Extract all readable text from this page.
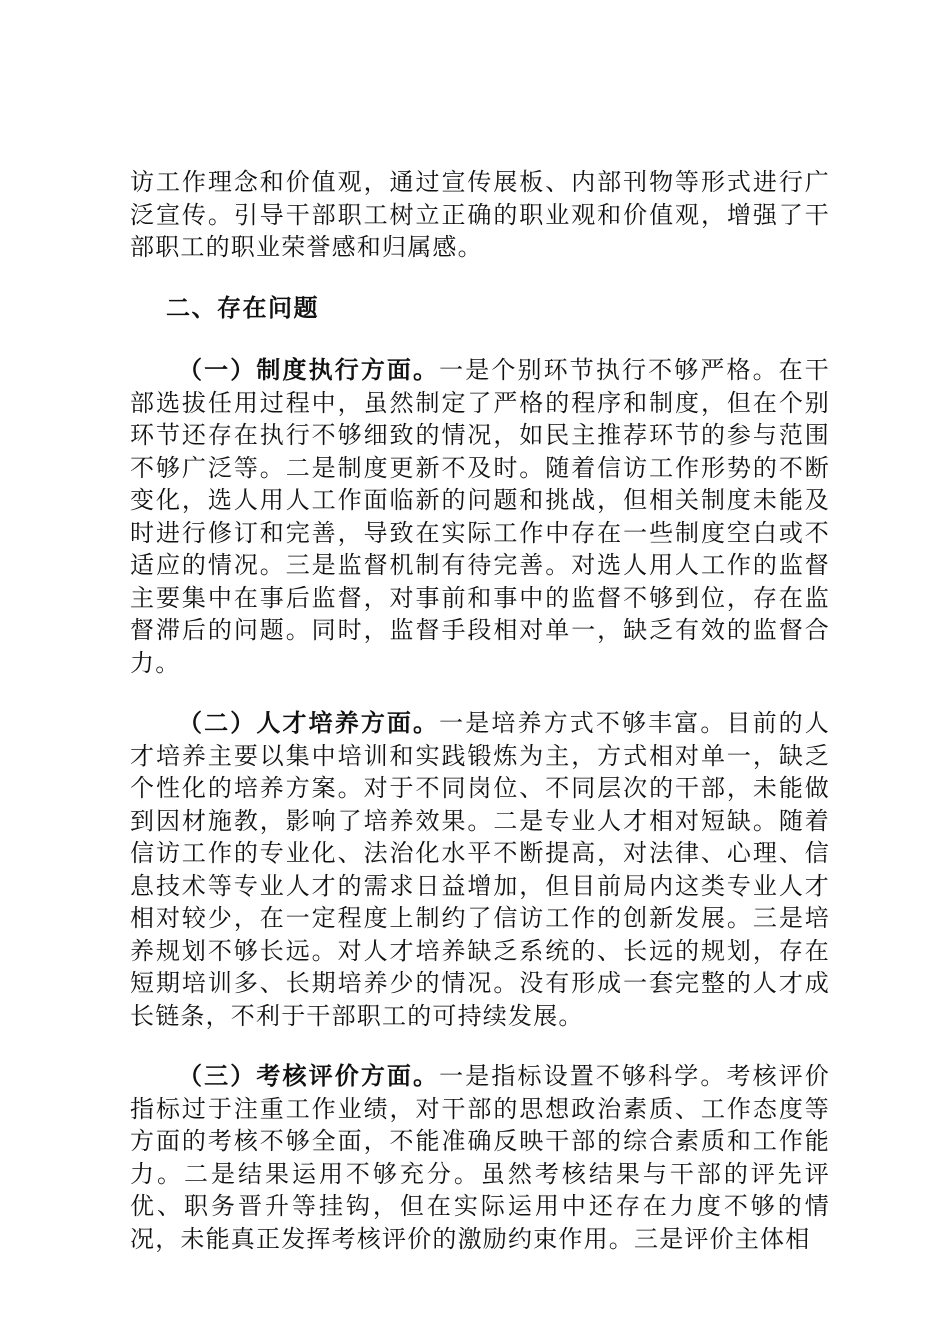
访工作理念和价值观，通过宣传展板、内部刊物等形式进行广泛宣传。引导干部职工树立正确的职业观和价值观，增强了干部职工的职业荣誉感和归属感。

二、存在问题

（一）制度执行方面。一是个别环节执行不够严格。在干部选拔任用过程中，虽然制定了严格的程序和制度，但在个别环节还存在执行不够细致的情况，如民主推荐环节的参与范围不够广泛等。二是制度更新不及时。随着信访工作形势的不断变化，选人用人工作面临新的问题和挑战，但相关制度未能及时进行修订和完善，导致在实际工作中存在一些制度空白或不适应的情况。三是监督机制有待完善。对选人用人工作的监督主要集中在事后监督，对事前和事中的监督不够到位，存在监督滞后的问题。同时，监督手段相对单一，缺乏有效的监督合力。

（二）人才培养方面。一是培养方式不够丰富。目前的人才培养主要以集中培训和实践锻炼为主，方式相对单一，缺乏个性化的培养方案。对于不同岗位、不同层次的干部，未能做到因材施教，影响了培养效果。二是专业人才相对短缺。随着信访工作的专业化、法治化水平不断提高，对法律、心理、信息技术等专业人才的需求日益增加，但目前局内这类专业人才相对较少，在一定程度上制约了信访工作的创新发展。三是培养规划不够长远。对人才培养缺乏系统的、长远的规划，存在短期培训多、长期培养少的情况。没有形成一套完整的人才成长链条，不利于干部职工的可持续发展。

（三）考核评价方面。一是指标设置不够科学。考核评价指标过于注重工作业绩，对干部的思想政治素质、工作态度等方面的考核不够全面，不能准确反映干部的综合素质和工作能力。二是结果运用不够充分。虽然考核结果与干部的评先评优、职务晋升等挂钩，但在实际运用中还存在力度不够的情况，未能真正发挥考核评价的激励约束作用。三是评价主体相
